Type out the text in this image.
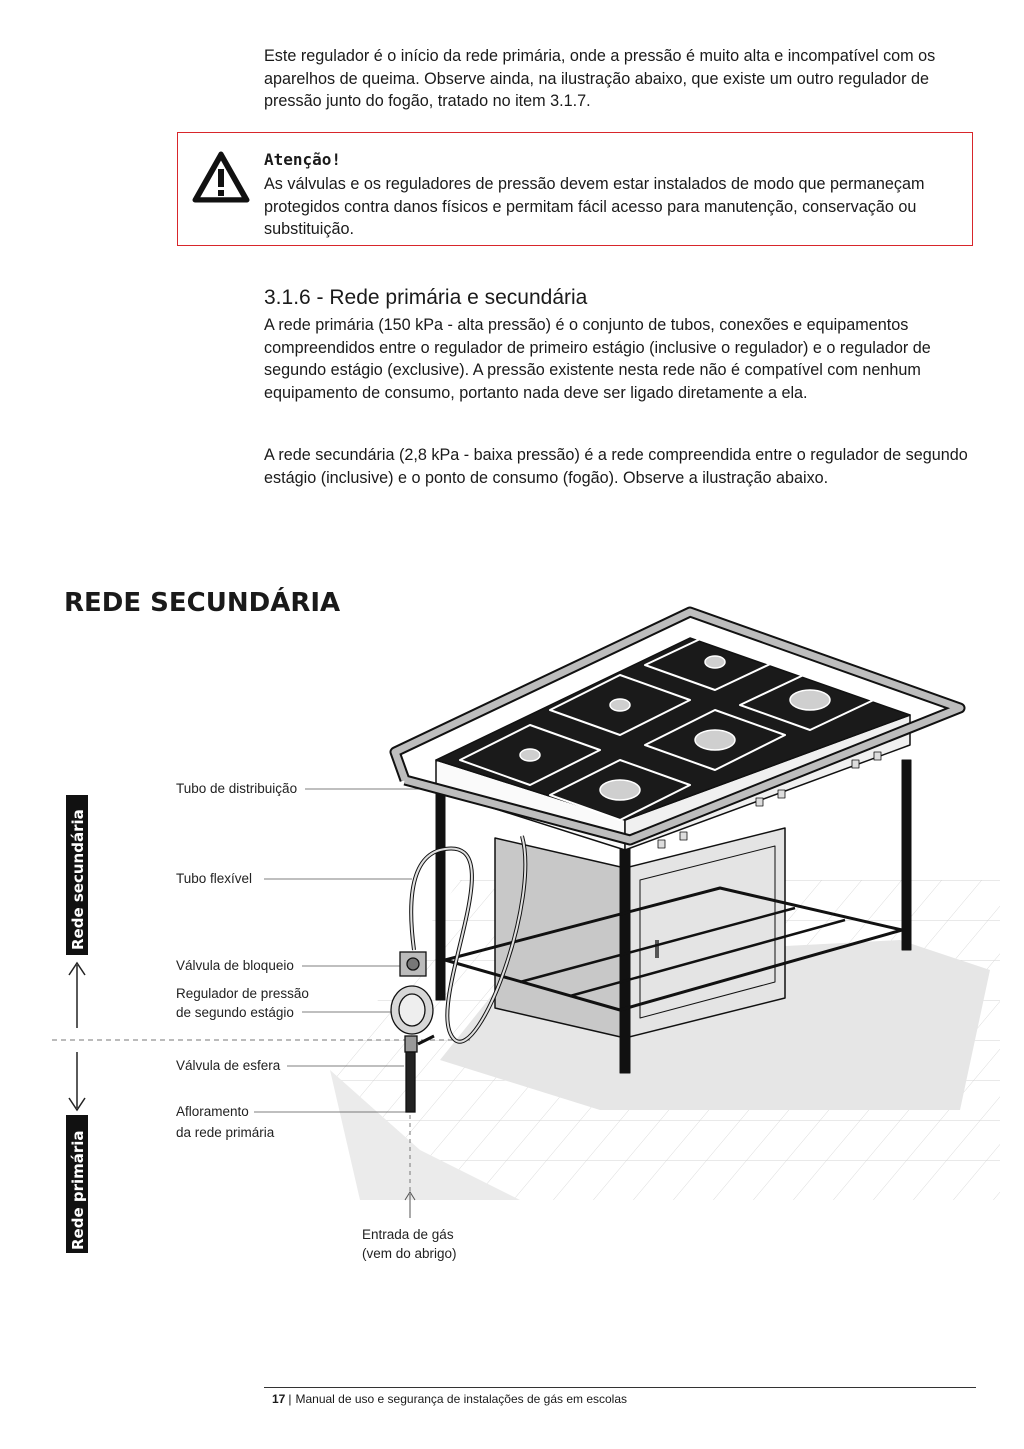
Este regulador é o início da rede primária, onde a pressão é muito alta e incompatível com os aparelhos de queima. Observe ainda, na ilustração abaixo, que existe um outro regulador de pressão junto do fogão, tratado no item 3.1.7.

Atenção!

As válvulas e os reguladores de pressão devem estar instalados de modo que permaneçam protegidos contra danos físicos e permitam fácil acesso para manutenção, conservação ou substituição.

3.1.6 - Rede primária e secundária

A rede primária (150 kPa - alta pressão) é o conjunto de tubos, conexões e equipamentos compreendidos entre o regulador de primeiro estágio (inclusive o regulador) e o regulador de segundo estágio (exclusive). A pressão existente nesta rede não é compatível com nenhum equipamento de consumo, portanto nada deve ser ligado diretamente a ela.

A rede secundária (2,8 kPa - baixa pressão) é a rede compreendida entre o regulador de segundo estágio (inclusive) e o ponto de consumo (fogão). Observe a ilustração abaixo.

REDE SECUNDÁRIA
Rede secundária
Rede primária
Tubo de distribuição
Tubo flexível
Válvula de bloqueio
Regulador de pressão
de segundo estágio
Válvula de esfera
Afloramento
da rede primária
Entrada de gás
(vem do abrigo)
17 | Manual de uso e segurança de instalações de gás em escolas
